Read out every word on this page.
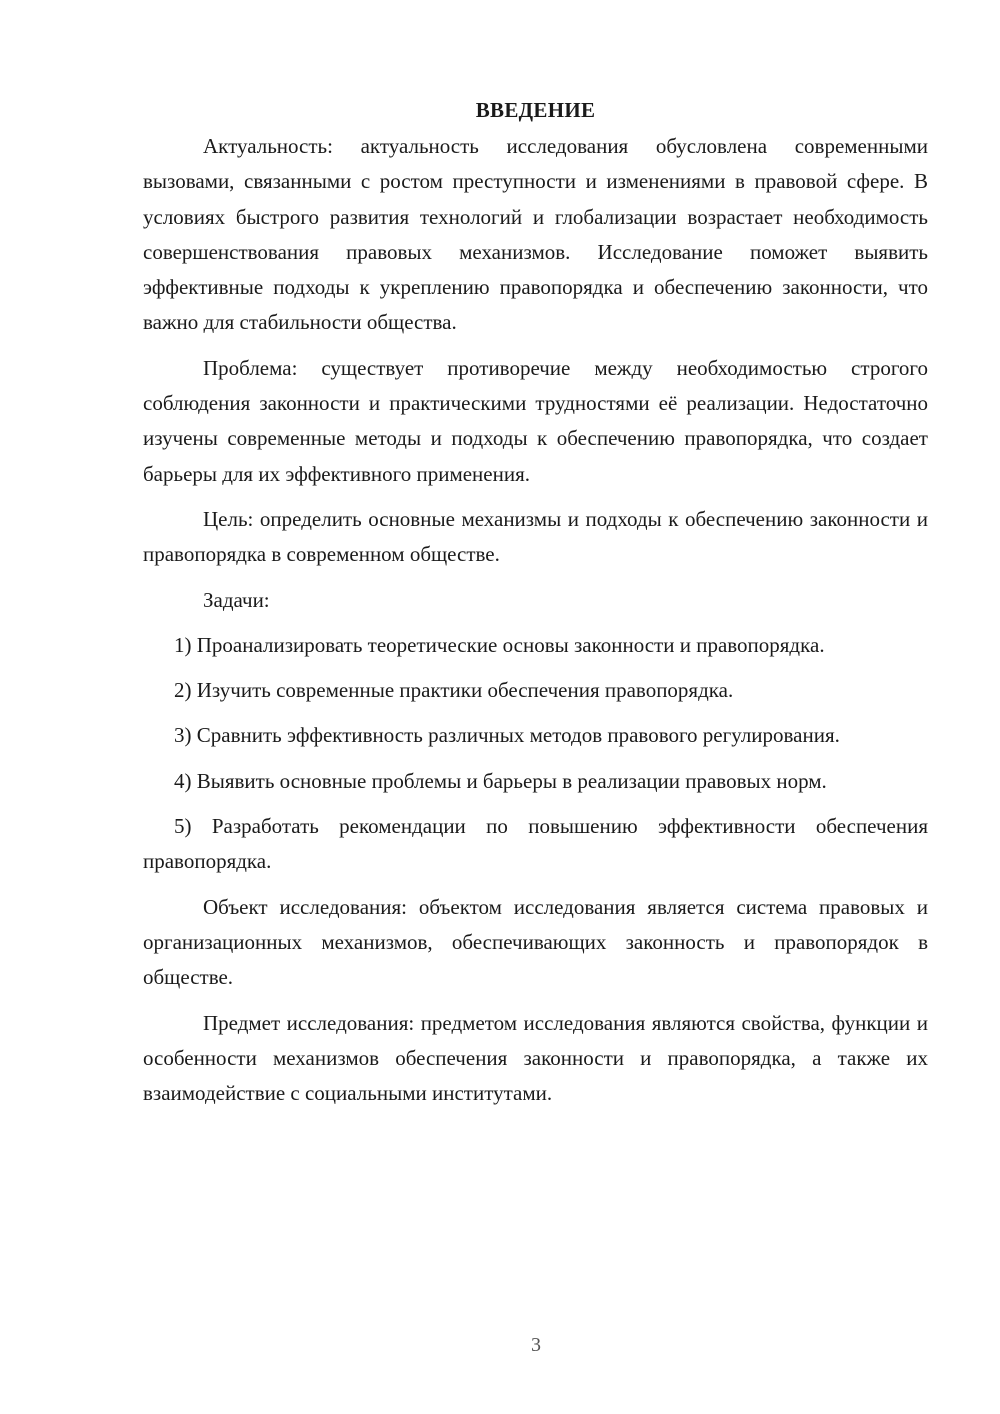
ВВЕДЕНИЕ

Актуальность: актуальность исследования обусловлена современными вызовами, связанными с ростом преступности и изменениями в правовой сфере. В условиях быстрого развития технологий и глобализации возрастает необходимость совершенствования правовых механизмов. Исследование поможет выявить эффективные подходы к укреплению правопорядка и обеспечению законности, что важно для стабильности общества.

Проблема: существует противоречие между необходимостью строгого соблюдения законности и практическими трудностями её реализации. Недостаточно изучены современные методы и подходы к обеспечению правопорядка, что создает барьеры для их эффективного применения.

Цель: определить основные механизмы и подходы к обеспечению законности и правопорядка в современном обществе.

Задачи:

1) Проанализировать теоретические основы законности и правопорядка.

2) Изучить современные практики обеспечения правопорядка.

3) Сравнить эффективность различных методов правового регулирования.

4) Выявить основные проблемы и барьеры в реализации правовых норм.

5) Разработать рекомендации по повышению эффективности обеспечения правопорядка.

Объект исследования: объектом исследования является система правовых и организационных механизмов, обеспечивающих законность и правопорядок в обществе.

Предмет исследования: предметом исследования являются свойства, функции и особенности механизмов обеспечения законности и правопорядка, а также их взаимодействие с социальными институтами.

3
